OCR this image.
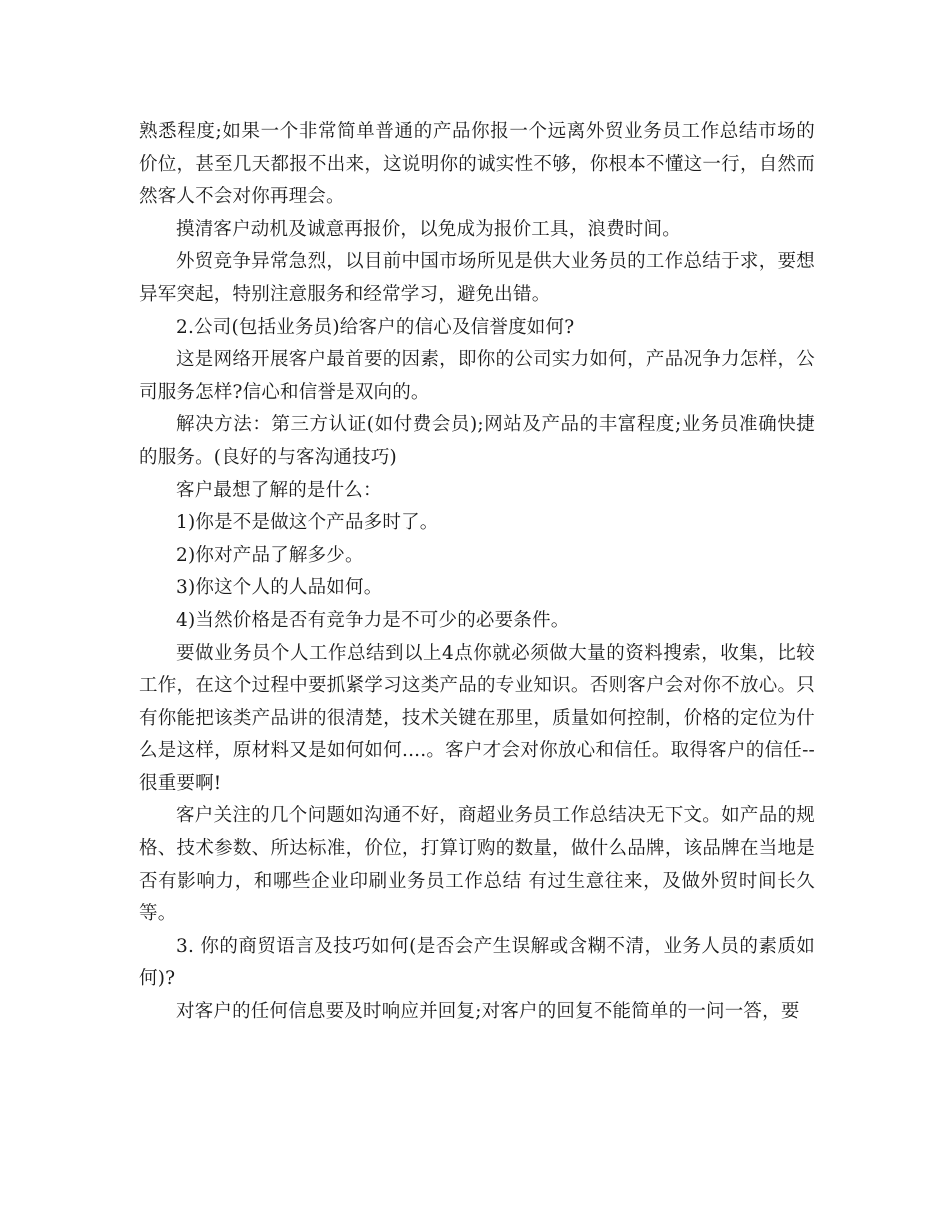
熟悉程度;如果一个非常简单普通的产品你报一个远离外贸业务员工作总结市场的价位，甚至几天都报不出来，这说明你的诚实性不够，你根本不懂这一行，自然而然客人不会对你再理会。

摸清客户动机及诚意再报价，以免成为报价工具，浪费时间。

外贸竞争异常急烈，以目前中国市场所见是供大业务员的工作总结于求，要想异军突起，特别注意服务和经常学习，避免出错。

2.公司(包括业务员)给客户的信心及信誉度如何?

这是网络开展客户最首要的因素，即你的公司实力如何，产品况争力怎样，公司服务怎样?信心和信誉是双向的。

解决方法：第三方认证(如付费会员);网站及产品的丰富程度;业务员准确快捷的服务。(良好的与客沟通技巧)

客户最想了解的是什么：

1)你是不是做这个产品多时了。

2)你对产品了解多少。

3)你这个人的人品如何。

4)当然价格是否有竞争力是不可少的必要条件。

要做业务员个人工作总结到以上4点你就必须做大量的资料搜索，收集，比较工作，在这个过程中要抓紧学习这类产品的专业知识。否则客户会对你不放心。只有你能把该类产品讲的很清楚，技术关键在那里，质量如何控制，价格的定位为什么是这样，原材料又是如何如何....。客户才会对你放心和信任。取得客户的信任--很重要啊!

客户关注的几个问题如沟通不好，商超业务员工作总结决无下文。如产品的规格、技术参数、所达标准，价位，打算订购的数量，做什么品牌，该品牌在当地是否有影响力，和哪些企业印刷业务员工作总结 有过生意往来，及做外贸时间长久等。

3. 你的商贸语言及技巧如何(是否会产生误解或含糊不清，业务人员的素质如何)?

对客户的任何信息要及时响应并回复;对客户的回复不能简单的一问一答，要
